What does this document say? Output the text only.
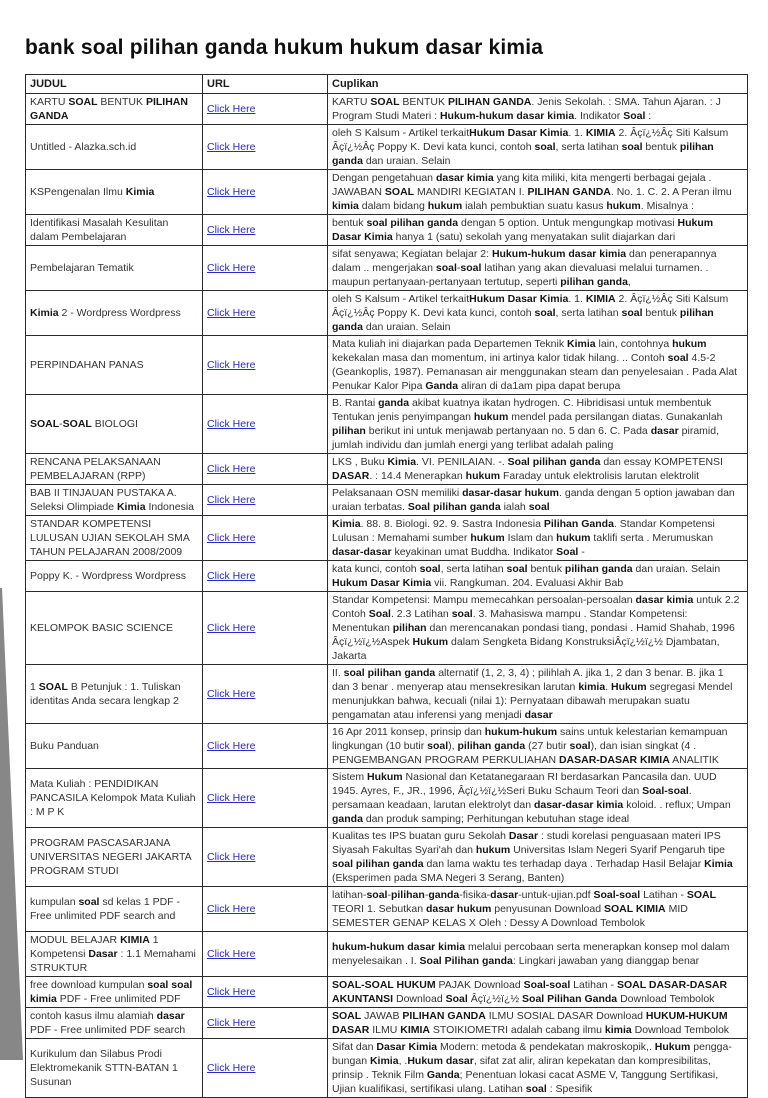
bank soal pilihan ganda hukum hukum dasar kimia
JUDUL	URL	Cuplikan
KARTU SOAL BENTUK PILIHAN GANDA	Click Here	KARTU SOAL BENTUK PILIHAN GANDA. Jenis Sekolah. : SMA. Tahun Ajaran. : J Program Studi Materi : Hukum-hukum dasar kimia. Indikator Soal :
Untitled - Alazka.sch.id	Click Here	oleh S Kalsum - Artikel terkaitHukum Dasar Kimia. 1. KIMIA 2. Âçï¿½Âç Siti Kalsum Âçï¿½Âç Poppy K. Devi kata kunci, contoh soal, serta latihan soal bentuk pilihan ganda dan uraian. Selain
KSPengenalan Ilmu Kimia	Click Here	Dengan pengetahuan dasar kimia yang kita miliki, kita mengerti berbagai gejala . JAWABAN SOAL MANDIRI KEGIATAN I. PILIHAN GANDA. No. 1. C. 2. A Peran ilmu kimia dalam bidang hukum ialah pembuktian suatu kasus hukum. Misalnya :
Identifikasi Masalah Kesulitan dalam Pembelajaran	Click Here	bentuk soal pilihan ganda dengan 5 option. Untuk mengungkap motivasi Hukum Dasar Kimia hanya 1 (satu) sekolah yang menyatakan sulit diajarkan dari
Pembelajaran Tematik	Click Here	sifat senyawa; Kegiatan belajar 2: Hukum-hukum dasar kimia dan penerapannya dalam .. mengerjakan soal-soal latihan yang akan dievaluasi melalui turnamen. . maupun pertanyaan-pertanyaan tertutup, seperti pilihan ganda,
Kimia 2 - Wordpress Wordpress	Click Here	oleh S Kalsum - Artikel terkaitHukum Dasar Kimia. 1. KIMIA 2. Âçï¿½Âç Siti Kalsum Âçï¿½Âç Poppy K. Devi kata kunci, contoh soal, serta latihan soal bentuk pilihan ganda dan uraian. Selain
PERPINDAHAN PANAS	Click Here	Mata kuliah ini diajarkan pada Departemen Teknik Kimia lain, contohnya hukum kekekalan masa dan momentum, ini artinya kalor tidak hilang. .. Contoh soal 4.5-2 (Geankoplis, 1987). Pemanasan air menggunakan steam dan penyelesaian . Pada Alat Penukar Kalor Pipa Ganda aliran di da1am pipa dapat berupa
SOAL-SOAL BIOLOGI	Click Here	B. Rantai ganda akibat kuatnya ikatan hydrogen. C. Hibridisasi untuk membentuk Tentukan jenis penyimpangan hukum mendel pada persilangan diatas. Gunakanlah pilihan berikut ini untuk menjawab pertanyaan no. 5 dan 6. C. Pada dasar piramid, jumlah individu dan jumlah energi yang terlibat adalah paling
RENCANA PELAKSANAAN PEMBELAJARAN (RPP)	Click Here	LKS , Buku Kimia. VI. PENILAIAN. -. Soal pilihan ganda dan essay KOMPETENSI DASAR. : 14.4 Menerapkan hukum Faraday untuk elektrolisis larutan elektrolit
BAB II TINJAUAN PUSTAKA A. Seleksi Olimpiade Kimia Indonesia	Click Here	Pelaksanaan OSN memiliki dasar-dasar hukum. ganda dengan 5 option jawaban dan uraian terbatas. Soal pilihan ganda ialah soal
STANDAR KOMPETENSI LULUSAN UJIAN SEKOLAH SMA TAHUN PELAJARAN 2008/2009	Click Here	Kimia. 88. 8. Biologi. 92. 9. Sastra Indonesia Pilihan Ganda. Standar Kompetensi Lulusan : Memahami sumber hukum Islam dan hukum taklifi serta . Merumuskan dasar-dasar keyakinan umat Buddha. Indikator Soal -
Poppy K. - Wordpress Wordpress	Click Here	kata kunci, contoh soal, serta latihan soal bentuk pilihan ganda dan uraian. Selain Hukum Dasar Kimia vii. Rangkuman. 204. Evaluasi Akhir Bab
KELOMPOK BASIC SCIENCE	Click Here	Standar Kompetensi: Mampu memecahkan persoalan-persoalan dasar kimia untuk 2.2 Contoh Soal. 2.3 Latihan soal. 3. Mahasiswa mampu . Standar Kompetensi: Menentukan pilihan dan merencanakan pondasi tiang, pondasi . Hamid Shahab, 1996 Âçï¿½ï¿½Aspek Hukum dalam Sengketa Bidang KonstruksiÂçï¿½ï¿½ Djambatan, Jakarta
1 SOAL B Petunjuk : 1. Tuliskan identitas Anda secara lengkap 2	Click Here	II. soal pilihan ganda alternatif (1, 2, 3, 4) ; pilihlah A. jika 1, 2 dan 3 benar. B. jika 1 dan 3 benar . menyerap atau mensekresikan larutan kimia. Hukum segregasi Mendel menunjukkan bahwa, kecuali (nilai 1): Pernyataan dibawah merupakan suatu pengamatan atau inferensi yang menjadi dasar
Buku Panduan	Click Here	16 Apr 2011 konsep, prinsip dan hukum-hukum sains untuk kelestarian kemampuan lingkungan (10 butir soal), pilihan ganda (27 butir soal), dan isian singkat (4 . PENGEMBANGAN PROGRAM PERKULIAHAN DASAR-DASAR KIMIA ANALITIK
Mata Kuliah : PENDIDIKAN PANCASILA Kelompok Mata Kuliah : M P K	Click Here	Sistem Hukum Nasional dan Ketatanegaraan RI berdasarkan Pancasila dan. UUD 1945. Ayres, F., JR., 1996, Âçï¿½ï¿½Seri Buku Schaum Teori dan Soal-soal. persamaan keadaan, larutan elektrolyt dan dasar-dasar kimia koloid. . reflux; Umpan ganda dan produk samping; Perhitungan kebutuhan stage ideal
PROGRAM PASCASARJANA UNIVERSITAS NEGERI JAKARTA PROGRAM STUDI	Click Here	Kualitas tes IPS buatan guru Sekolah Dasar : studi korelasi penguasaan materi IPS Siyasah Fakultas Syari'ah dan hukum Universitas Islam Negeri Syarif Pengaruh tipe soal pilihan ganda dan lama waktu tes terhadap daya . Terhadap Hasil Belajar Kimia (Eksperimen pada SMA Negeri 3 Serang, Banten)
kumpulan soal sd kelas 1 PDF - Free unlimited PDF search and	Click Here	latihan-soal-pilihan-ganda-fisika-dasar-untuk-ujian.pdf Soal-soal Latihan - SOAL TEORI 1. Sebutkan dasar hukum penyusunan Download SOAL KIMIA MID SEMESTER GENAP KELAS X Oleh : Dessy A Download Tembolok
MODUL BELAJAR KIMIA 1 Kompetensi Dasar : 1.1 Memahami STRUKTUR	Click Here	hukum-hukum dasar kimia melalui percobaan serta menerapkan konsep mol dalam menyelesaikan . I. Soal Pilihan ganda: Lingkari jawaban yang dianggap benar
free download kumpulan soal soal kimia PDF - Free unlimited PDF	Click Here	SOAL-SOAL HUKUM PAJAK Download Soal-soal Latihan - SOAL DASAR-DASAR AKUNTANSI Download Soal Âçï¿½ï¿½ Soal Pilihan Ganda Download Tembolok
contoh kasus ilmu alamiah dasar PDF - Free unlimited PDF search	Click Here	SOAL JAWAB PILIHAN GANDA ILMU SOSIAL DASAR Download HUKUM-HUKUM DASAR ILMU KIMIA STOIKIOMETRI adalah cabang ilmu kimia Download Tembolok
Kurikulum dan Silabus Prodi Elektromekanik STTN-BATAN 1 Susunan	Click Here	Sifat dan Dasar Kimia Modern: metoda & pendekatan makroskopik,. Hukum pengga-bungan Kimia, .Hukum dasar, sifat zat alir, aliran kepekatan dan kompresibilitas, prinsip . Teknik Film Ganda; Penentuan lokasi cacat ASME V, Tanggung Sertifikasi, Ujian kualifikasi, sertifikasi ulang. Latihan soal : Spesifik
